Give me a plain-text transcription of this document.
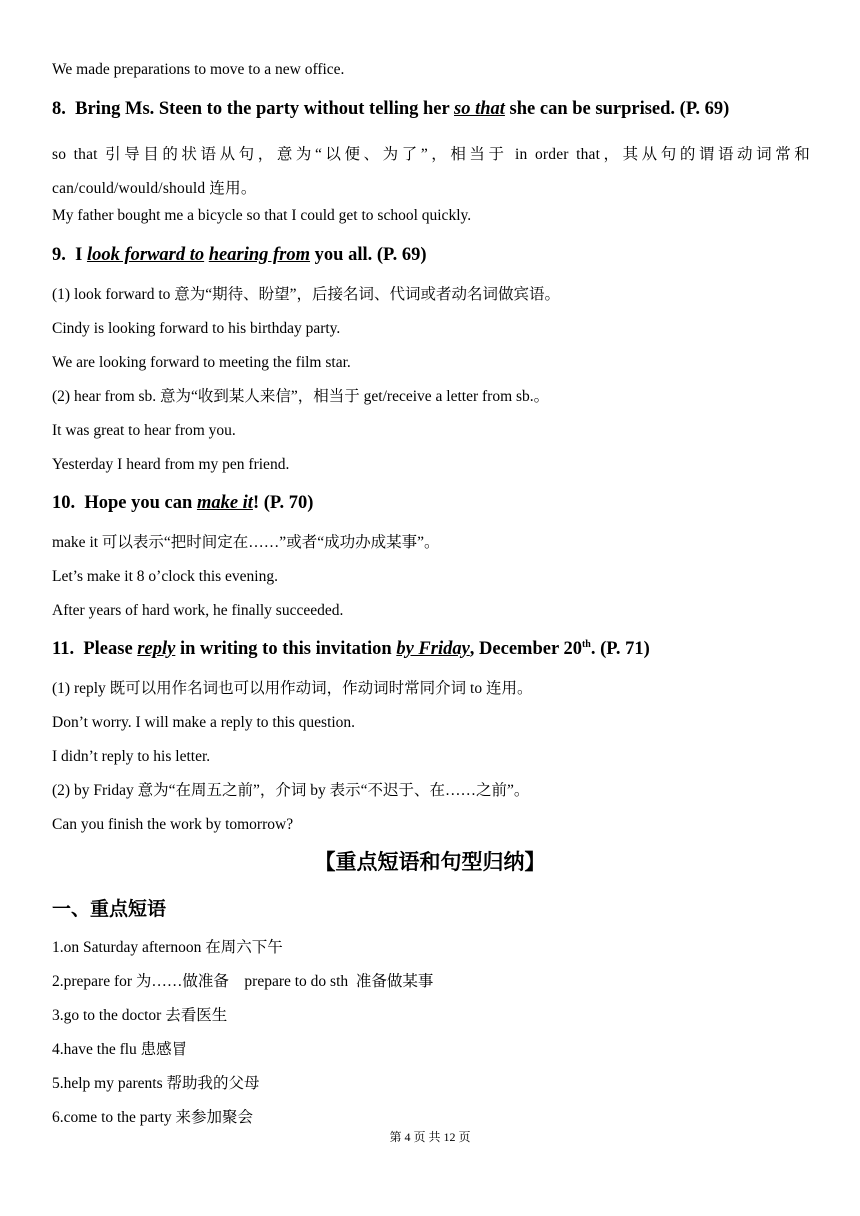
We made preparations to move to a new office.
8. Bring Ms. Steen to the party without telling her so that she can be surprised. (P. 69)
so that 引导目的状语从句，意为“以便、为了”，相当于 in order that，其从句的谓语动词常和 can/could/would/should 连用。
My father bought me a bicycle so that I could get to school quickly.
9. I look forward to hearing from you all. (P. 69)
(1) look forward to 意为“期待、盼望”，后接名词、代词或者动名词做宾语。
Cindy is looking forward to his birthday party.
We are looking forward to meeting the film star.
(2) hear from sb. 意为“收到某人来信”，相当于 get/receive a letter from sb.。
It was great to hear from you.
Yesterday I heard from my pen friend.
10. Hope you can make it! (P. 70)
make it 可以表示“把时间定在……”或者“成功办成某事”。
Let’s make it 8 o’clock this evening.
After years of hard work, he finally succeeded.
11. Please reply in writing to this invitation by Friday, December 20th. (P. 71)
(1) reply 既可以用作名词也可以用作动词，作动词时常同介词 to 连用。
Don’t worry. I will make a reply to this question.
I didn’t reply to his letter.
(2) by Friday 意为“在周五之前”，介词 by 表示“不迟于、在……之前”。
Can you finish the work by tomorrow?
【重点短语和句型归纳】
一、重点短语
1.on Saturday afternoon 在周六下午
2.prepare for 为……做准备    prepare to do sth  准备做某事
3.go to the doctor 去看医生
4.have the flu 患感冒
5.help my parents 帮助我的父母
6.come to the party 来参加聚会
第 4 页 共 12 页
